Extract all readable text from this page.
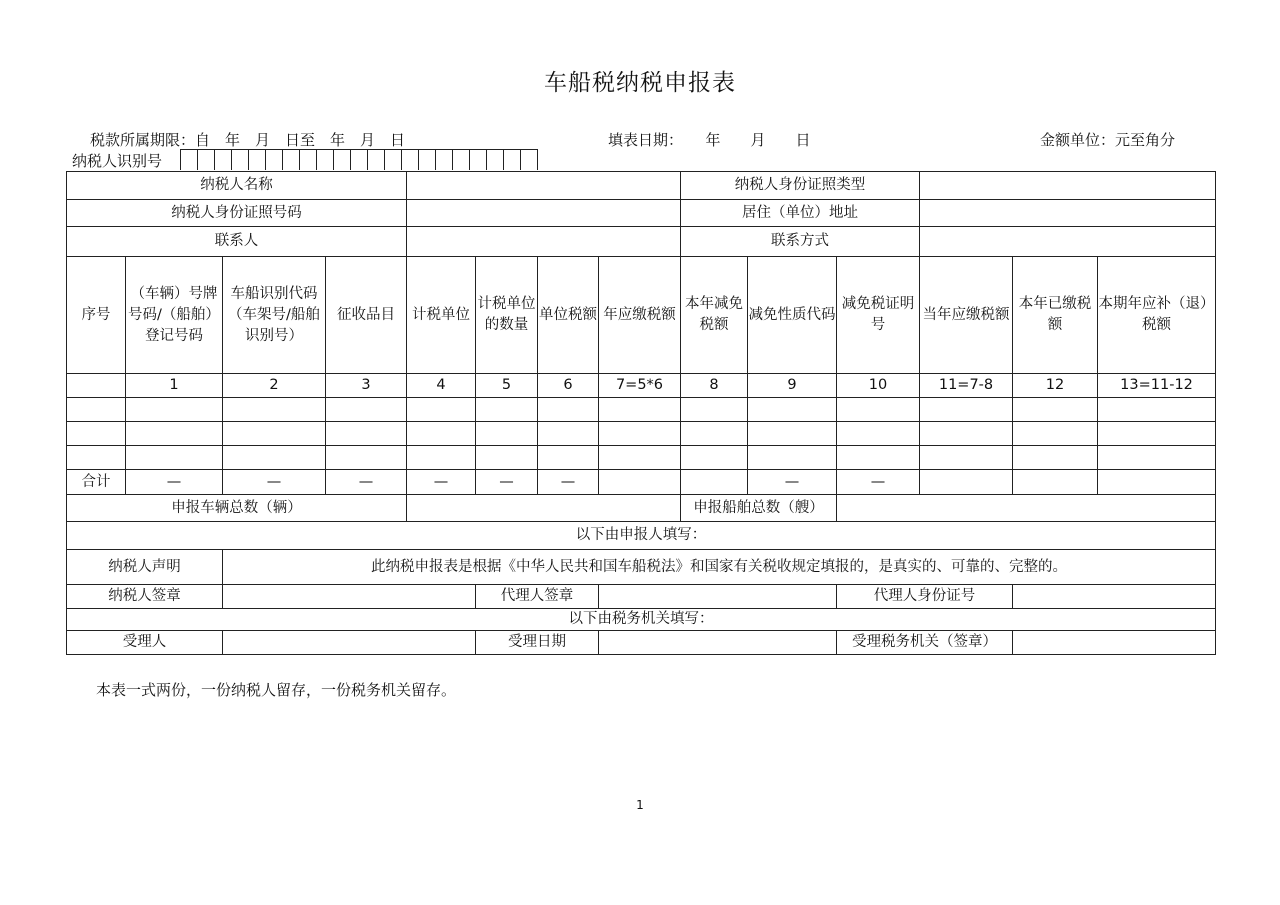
车船税纳税申报表
税款所属期限：自　年　月　日至　年　月　日	填表日期：　　年　　月　　日	金额单位：元至角分
纳税人识别号
纳税人名称								纳税人身份证照类型					
纳税人身份证照号码								居住（单位）地址					
联系人								联系方式					
序号	（车辆）号牌号码/（船舶）登记号码	车船识别代码（车架号/船舶识别号）	征收品目	计税单位	计税单位的数量	单位税额	年应缴税额	本年减免税额	减免性质代码	减免税证明号	当年应缴税额	本年已缴税额	本期年应补（退）税额
	1	2	3	4	5	6	7=5*6	8	9	10	11=7-8	12	13=11-12

合计	—	—	—	—	—	—			—	—			
申报车辆总数（辆）								申报船舶总数（艘）					
以下由申报人填写：													
纳税人声明		此纳税申报表是根据《中华人民共和国车船税法》和国家有关税收规定填报的，是真实的、可靠的、完整的。											
纳税人签章					代理人签章					代理人身份证号			
以下由税务机关填写：													
受理人					受理日期					受理税务机关（签章）			
本表一式两份，一份纳税人留存，一份税务机关留存。
1
